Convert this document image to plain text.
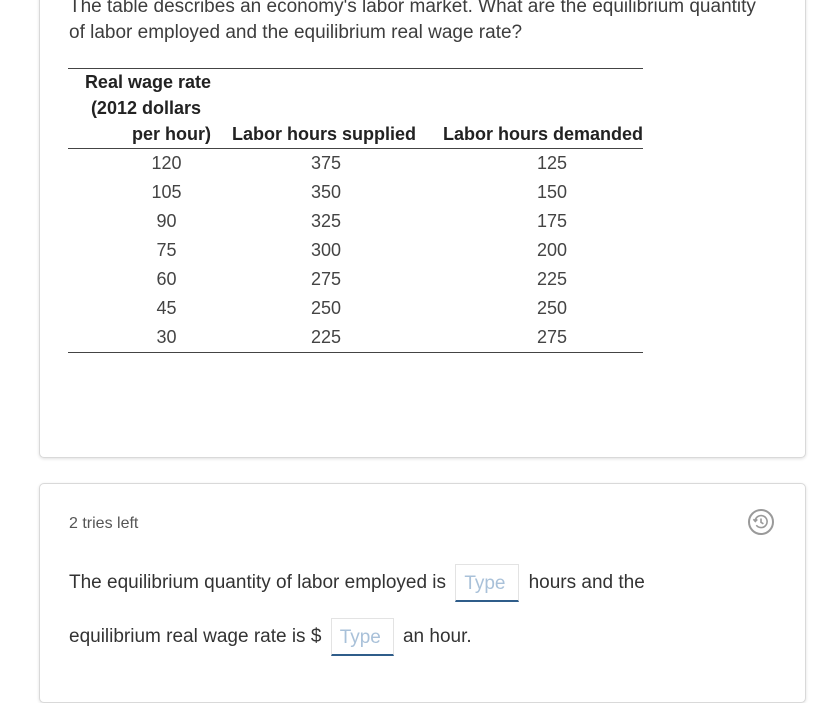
The table describes an economy's labor market. What are the equilibrium quantity of labor employed and the equilibrium real wage rate?
Real wage rate
(2012 dollars
per hour)	Labor hours supplied	Labor hours demanded
120	375	125
105	350	150
90	325	175
75	300	200
60	275	225
45	250	250
30	225	275
2 tries left
The equilibrium quantity of labor employed is Type hours and the
equilibrium real wage rate is $ Type an hour.
